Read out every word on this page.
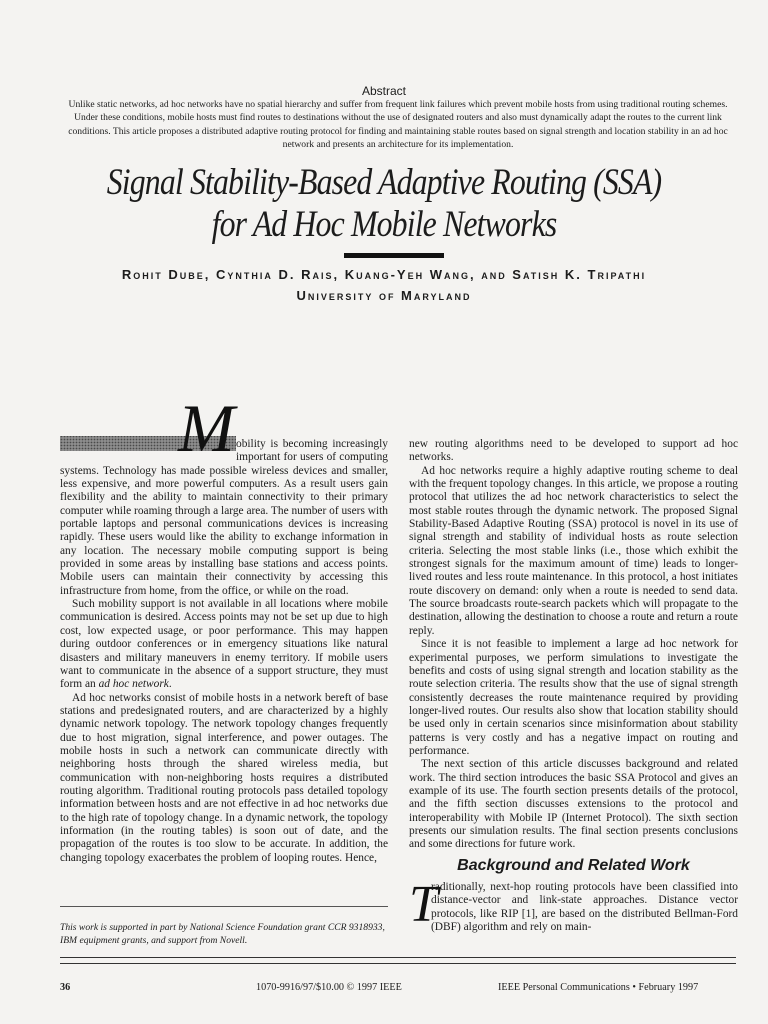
Abstract
Unlike static networks, ad hoc networks have no spatial hierarchy and suffer from frequent link failures which prevent mobile hosts from using traditional routing schemes. Under these conditions, mobile hosts must find routes to destinations without the use of designated routers and also must dynamically adapt the routes to the current link conditions. This article proposes a distributed adaptive routing protocol for finding and maintaining stable routes based on signal strength and location stability in an ad hoc network and presents an architecture for its implementation.
Signal Stability-Based Adaptive Routing (SSA)
for Ad Hoc Mobile Networks
Rohit Dube, Cynthia D. Rais, Kuang-Yeh Wang, and Satish K. Tripathi
University of Maryland
M obility is becoming increasingly important for users of computing systems. Technology has made possible wireless devices and smaller, less expensive, and more powerful computers. As a result users gain flexibility and the ability to maintain connectivity to their primary computer while roaming through a large area. The number of users with portable laptops and personal communications devices is increasing rapidly. These users would like the ability to exchange information in any location. The necessary mobile computing support is being provided in some areas by installing base stations and access points. Mobile users can maintain their connectivity by accessing this infrastructure from home, from the office, or while on the road.

Such mobility support is not available in all locations where mobile communication is desired. Access points may not be set up due to high cost, low expected usage, or poor performance. This may happen during outdoor conferences or in emergency situations like natural disasters and military maneuvers in enemy territory. If mobile users want to communicate in the absence of a support structure, they must form an ad hoc network.

Ad hoc networks consist of mobile hosts in a network bereft of base stations and predesignated routers, and are characterized by a highly dynamic network topology. The network topology changes frequently due to host migration, signal interference, and power outages. The mobile hosts in such a network can communicate directly with neighboring hosts through the shared wireless media, but communication with non-neighboring hosts requires a distributed routing algorithm. Traditional routing protocols pass detailed topology information between hosts and are not effective in ad hoc networks due to the high rate of topology change. In a dynamic network, the topology information (in the routing tables) is soon out of date, and the propagation of the routes is too slow to be accurate. In addition, the changing topology exacerbates the problem of looping routes. Hence,

new routing algorithms need to be developed to support ad hoc networks.

Ad hoc networks require a highly adaptive routing scheme to deal with the frequent topology changes. In this article, we propose a routing protocol that utilizes the ad hoc network characteristics to select the most stable routes through the dynamic network. The proposed Signal Stability-Based Adaptive Routing (SSA) protocol is novel in its use of signal strength and stability of individual hosts as route selection criteria. Selecting the most stable links (i.e., those which exhibit the strongest signals for the maximum amount of time) leads to longer-lived routes and less route maintenance. In this protocol, a host initiates route discovery on demand: only when a route is needed to send data. The source broadcasts route-search packets which will propagate to the destination, allowing the destination to choose a route and return a route reply.

Since it is not feasible to implement a large ad hoc network for experimental purposes, we perform simulations to investigate the benefits and costs of using signal strength and location stability as the route selection criteria. The results show that the use of signal strength consistently decreases the route maintenance required by providing longer-lived routes. Our results also show that location stability should be used only in certain scenarios since misinformation about stability patterns is very costly and has a negative impact on routing and performance.

The next section of this article discusses background and related work. The third section introduces the basic SSA Protocol and gives an example of its use. The fourth section presents details of the protocol, and the fifth section discusses extensions to the protocol and interoperability with Mobile IP (Internet Protocol). The sixth section presents our simulation results. The final section presents conclusions and some directions for future work.

Background and Related Work

T
raditionally, next-hop routing protocols have been classified into distance-vector and link-state approaches. Distance vector protocols, like RIP [1], are based on the distributed Bellman-Ford (DBF) algorithm and rely on main-

This work is supported in part by National Science Foundation grant CCR 9318933, IBM equipment grants, and support from Novell.
36	1070-9916/97/$10.00 © 1997 IEEE	IEEE Personal Communications • February 1997
